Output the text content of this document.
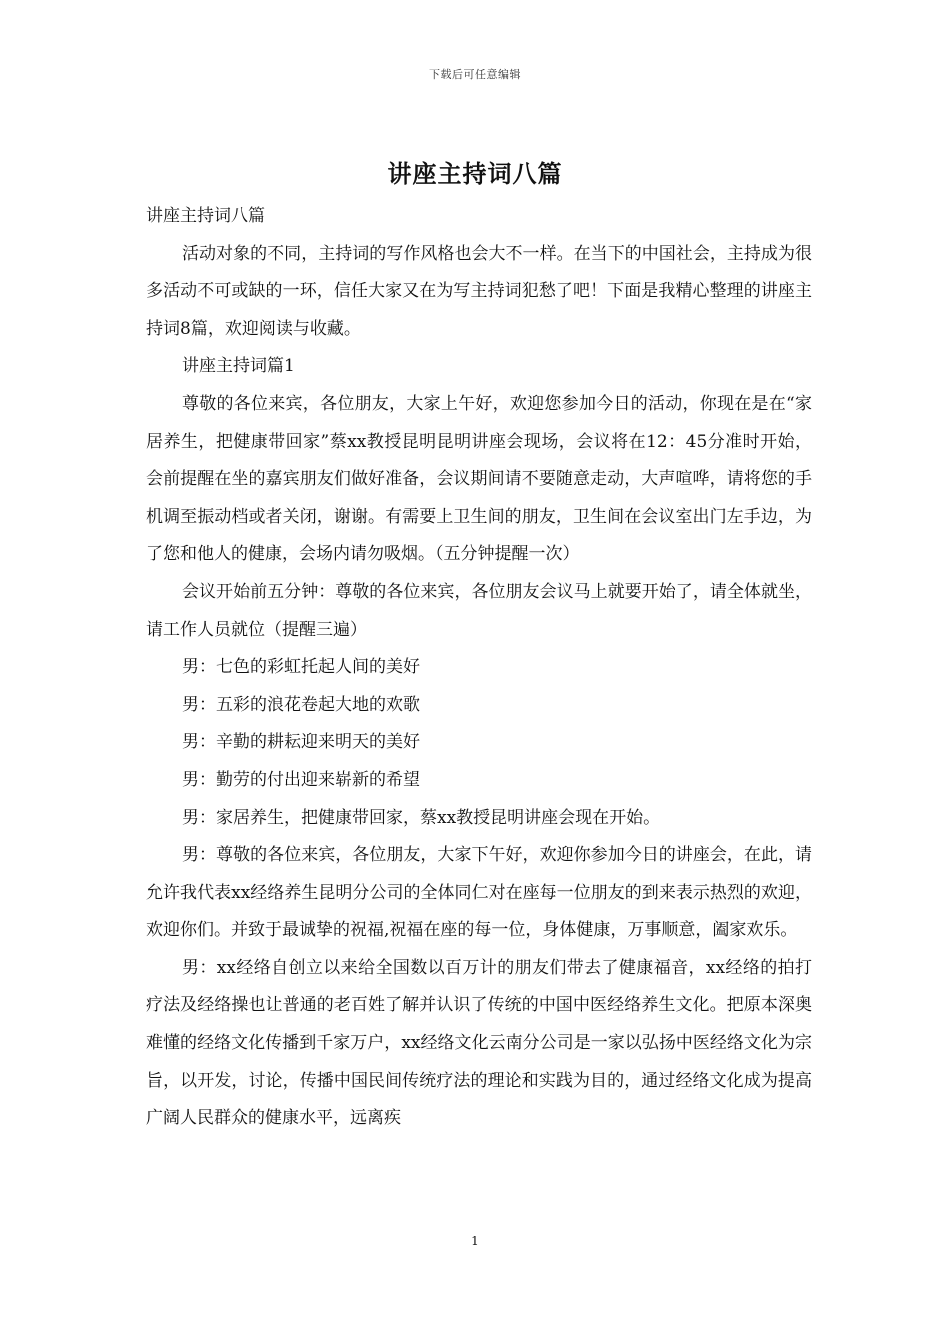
下载后可任意编辑
讲座主持词八篇

讲座主持词八篇

活动对象的不同，主持词的写作风格也会大不一样。在当下的中国社会，主持成为很多活动不可或缺的一环，信任大家又在为写主持词犯愁了吧！下面是我精心整理的讲座主持词8篇，欢迎阅读与收藏。

讲座主持词篇1

尊敬的各位来宾，各位朋友，大家上午好，欢迎您参加今日的活动，你现在是在“家居养生，把健康带回家”蔡xx教授昆明昆明讲座会现场，会议将在12：45分准时开始，会前提醒在坐的嘉宾朋友们做好准备，会议期间请不要随意走动，大声喧哗，请将您的手机调至振动档或者关闭，谢谢。有需要上卫生间的朋友，卫生间在会议室出门左手边，为了您和他人的健康，会场内请勿吸烟。（五分钟提醒一次）

会议开始前五分钟：尊敬的各位来宾，各位朋友会议马上就要开始了，请全体就坐，请工作人员就位（提醒三遍）

男：七色的彩虹托起人间的美好

男：五彩的浪花卷起大地的欢歌

男：辛勤的耕耘迎来明天的美好

男：勤劳的付出迎来崭新的希望

男：家居养生，把健康带回家，蔡xx教授昆明讲座会现在开始。

男：尊敬的各位来宾，各位朋友，大家下午好，欢迎你参加今日的讲座会，在此，请允许我代表xx经络养生昆明分公司的全体同仁对在座每一位朋友的到来表示热烈的欢迎，欢迎你们。并致于最诚挚的祝福,祝福在座的每一位，身体健康，万事顺意，阖家欢乐。

男：xx经络自创立以来给全国数以百万计的朋友们带去了健康福音，xx经络的拍打疗法及经络操也让普通的老百姓了解并认识了传统的中国中医经络养生文化。把原本深奥难懂的经络文化传播到千家万户，xx经络文化云南分公司是一家以弘扬中医经络文化为宗旨，以开发，讨论，传播中国民间传统疗法的理论和实践为目的，通过经络文化成为提高广阔人民群众的健康水平，远离疾

1
